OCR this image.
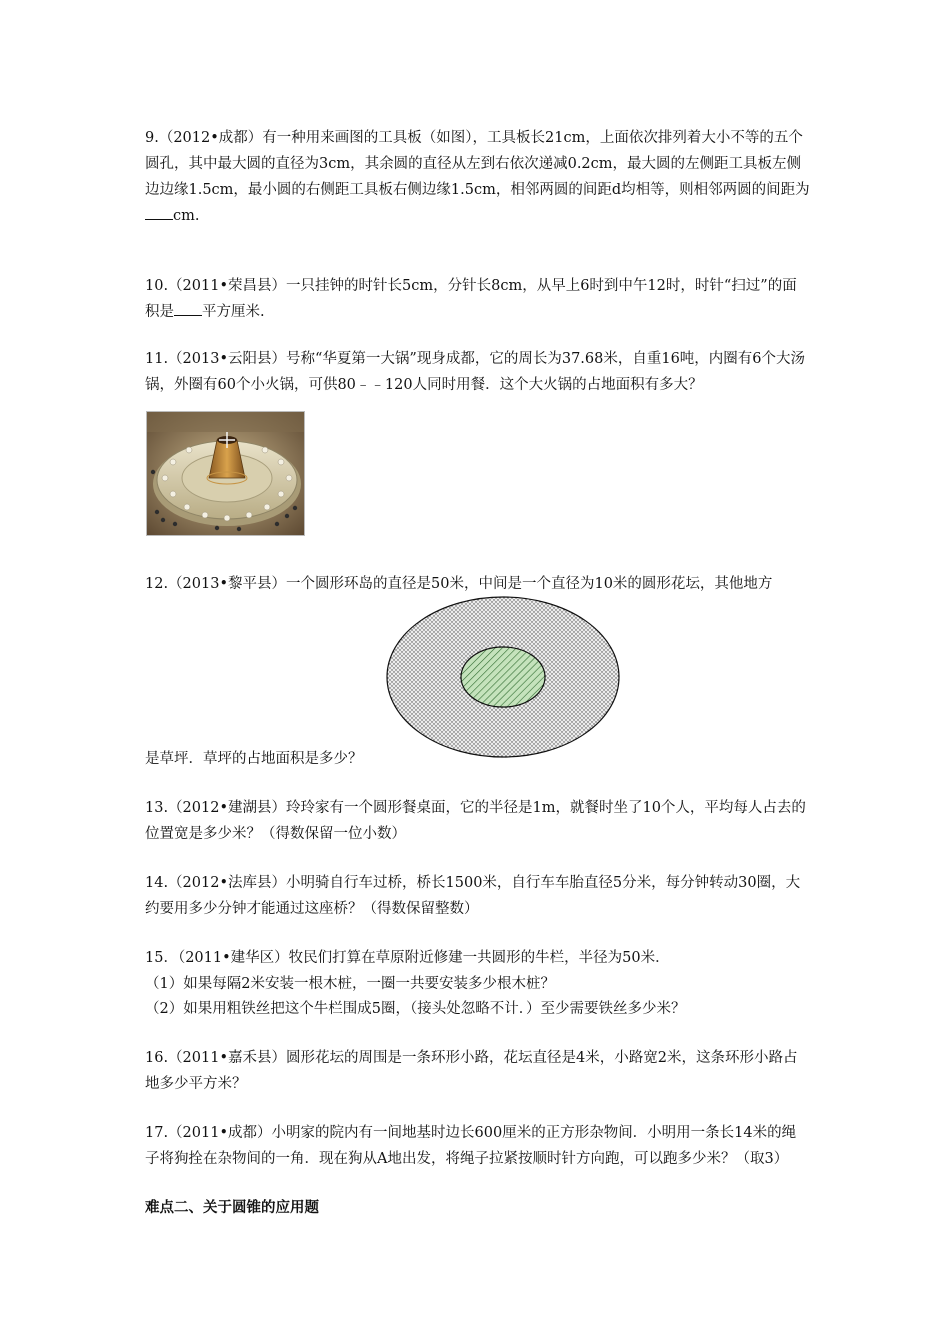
9.（2012•成都）有一种用来画图的工具板（如图），工具板长21cm，上面依次排列着大小不等的五个圆孔，其中最大圆的直径为3cm，其余圆的直径从左到右依次递减0.2cm，最大圆的左侧距工具板左侧边边缘1.5cm，最小圆的右侧距工具板右侧边缘1.5cm，相邻两圆的间距d均相等，则相邻两圆的间距为cm.

10.（2011•荣昌县）一只挂钟的时针长5cm，分针长8cm，从早上6时到中午12时，时针“扫过”的面积是 平方厘米.

11.（2013•云阳县）号称“华夏第一大锅”现身成都，它的周长为37.68米，自重16吨，内圈有6个大汤锅，外圈有60个小火锅，可供80﹣﹣120人同时用餐．这个大火锅的占地面积有多大？

12.（2013•黎平县）一个圆形环岛的直径是50米，中间是一个直径为10米的圆形花坛，其他地方

是草坪．草坪的占地面积是多少？

13.（2012•建湖县）玲玲家有一个圆形餐桌面，它的半径是1m，就餐时坐了10个人，平均每人占去的位置宽是多少米？（得数保留一位小数）

14.（2012•法库县）小明骑自行车过桥，桥长1500米，自行车车胎直径5分米，每分钟转动30圈，大约要用多少分钟才能通过这座桥？（得数保留整数）

15．（2011•建华区）牧民们打算在草原附近修建一共圆形的牛栏，半径为50米．

（1）如果每隔2米安装一根木桩，一圈一共要安装多少根木桩？

（2）如果用粗铁丝把这个牛栏围成5圈，（接头处忽略不计．）至少需要铁丝多少米？

16.（2011•嘉禾县）圆形花坛的周围是一条环形小路，花坛直径是4米，小路宽2米，这条环形小路占地多少平方米？

17.（2011•成都）小明家的院内有一间地基时边长600厘米的正方形杂物间．小明用一条长14米的绳子将狗拴在杂物间的一角．现在狗从A地出发，将绳子拉紧按顺时针方向跑，可以跑多少米？（取3）

难点二、关于圆锥的应用题
